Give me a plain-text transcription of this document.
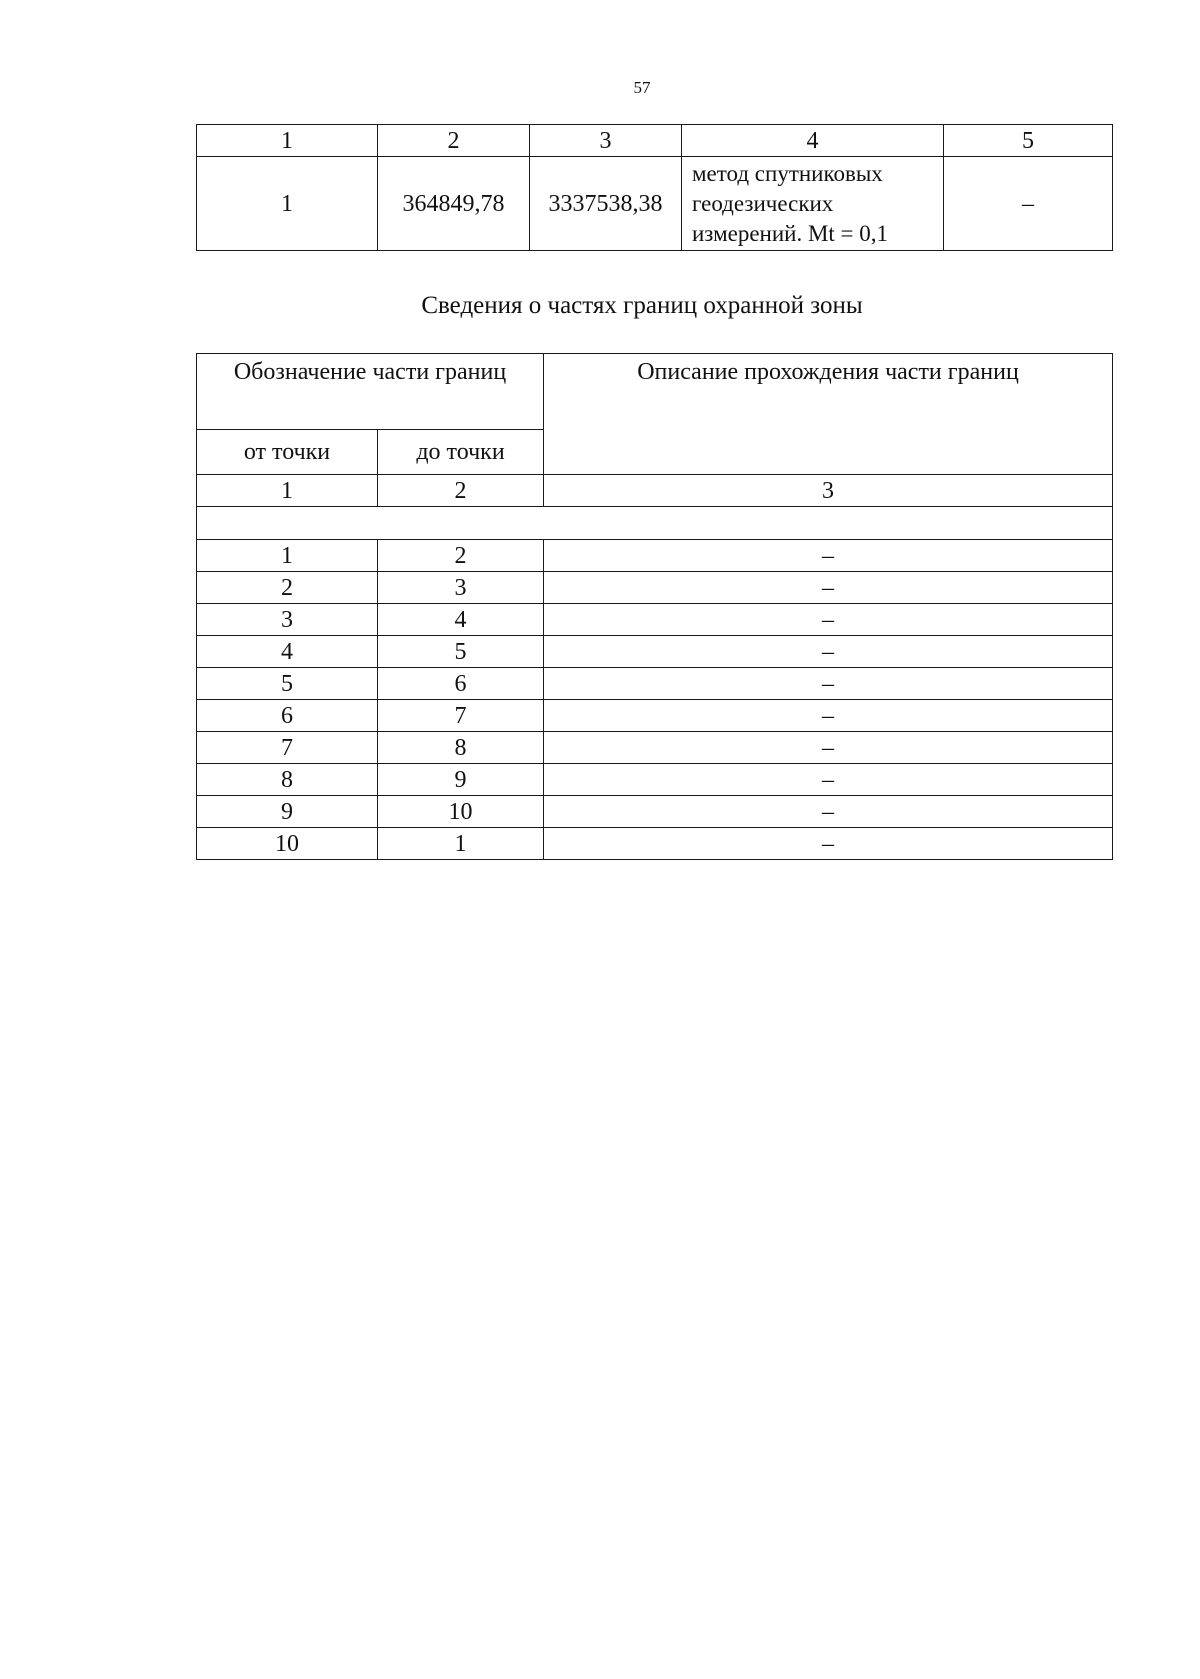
57
1	2	3	4	5
1	364849,78	3337538,38	метод спутниковых
геодезических
измерений. Mt = 0,1	–
Сведения о частях границ охранной зоны
Обозначение части границ		Описание прохождения части границ
от точки	до точки	
1	2	3

1	2	–
2	3	–
3	4	–
4	5	–
5	6	–
6	7	–
7	8	–
8	9	–
9	10	–
10	1	–
